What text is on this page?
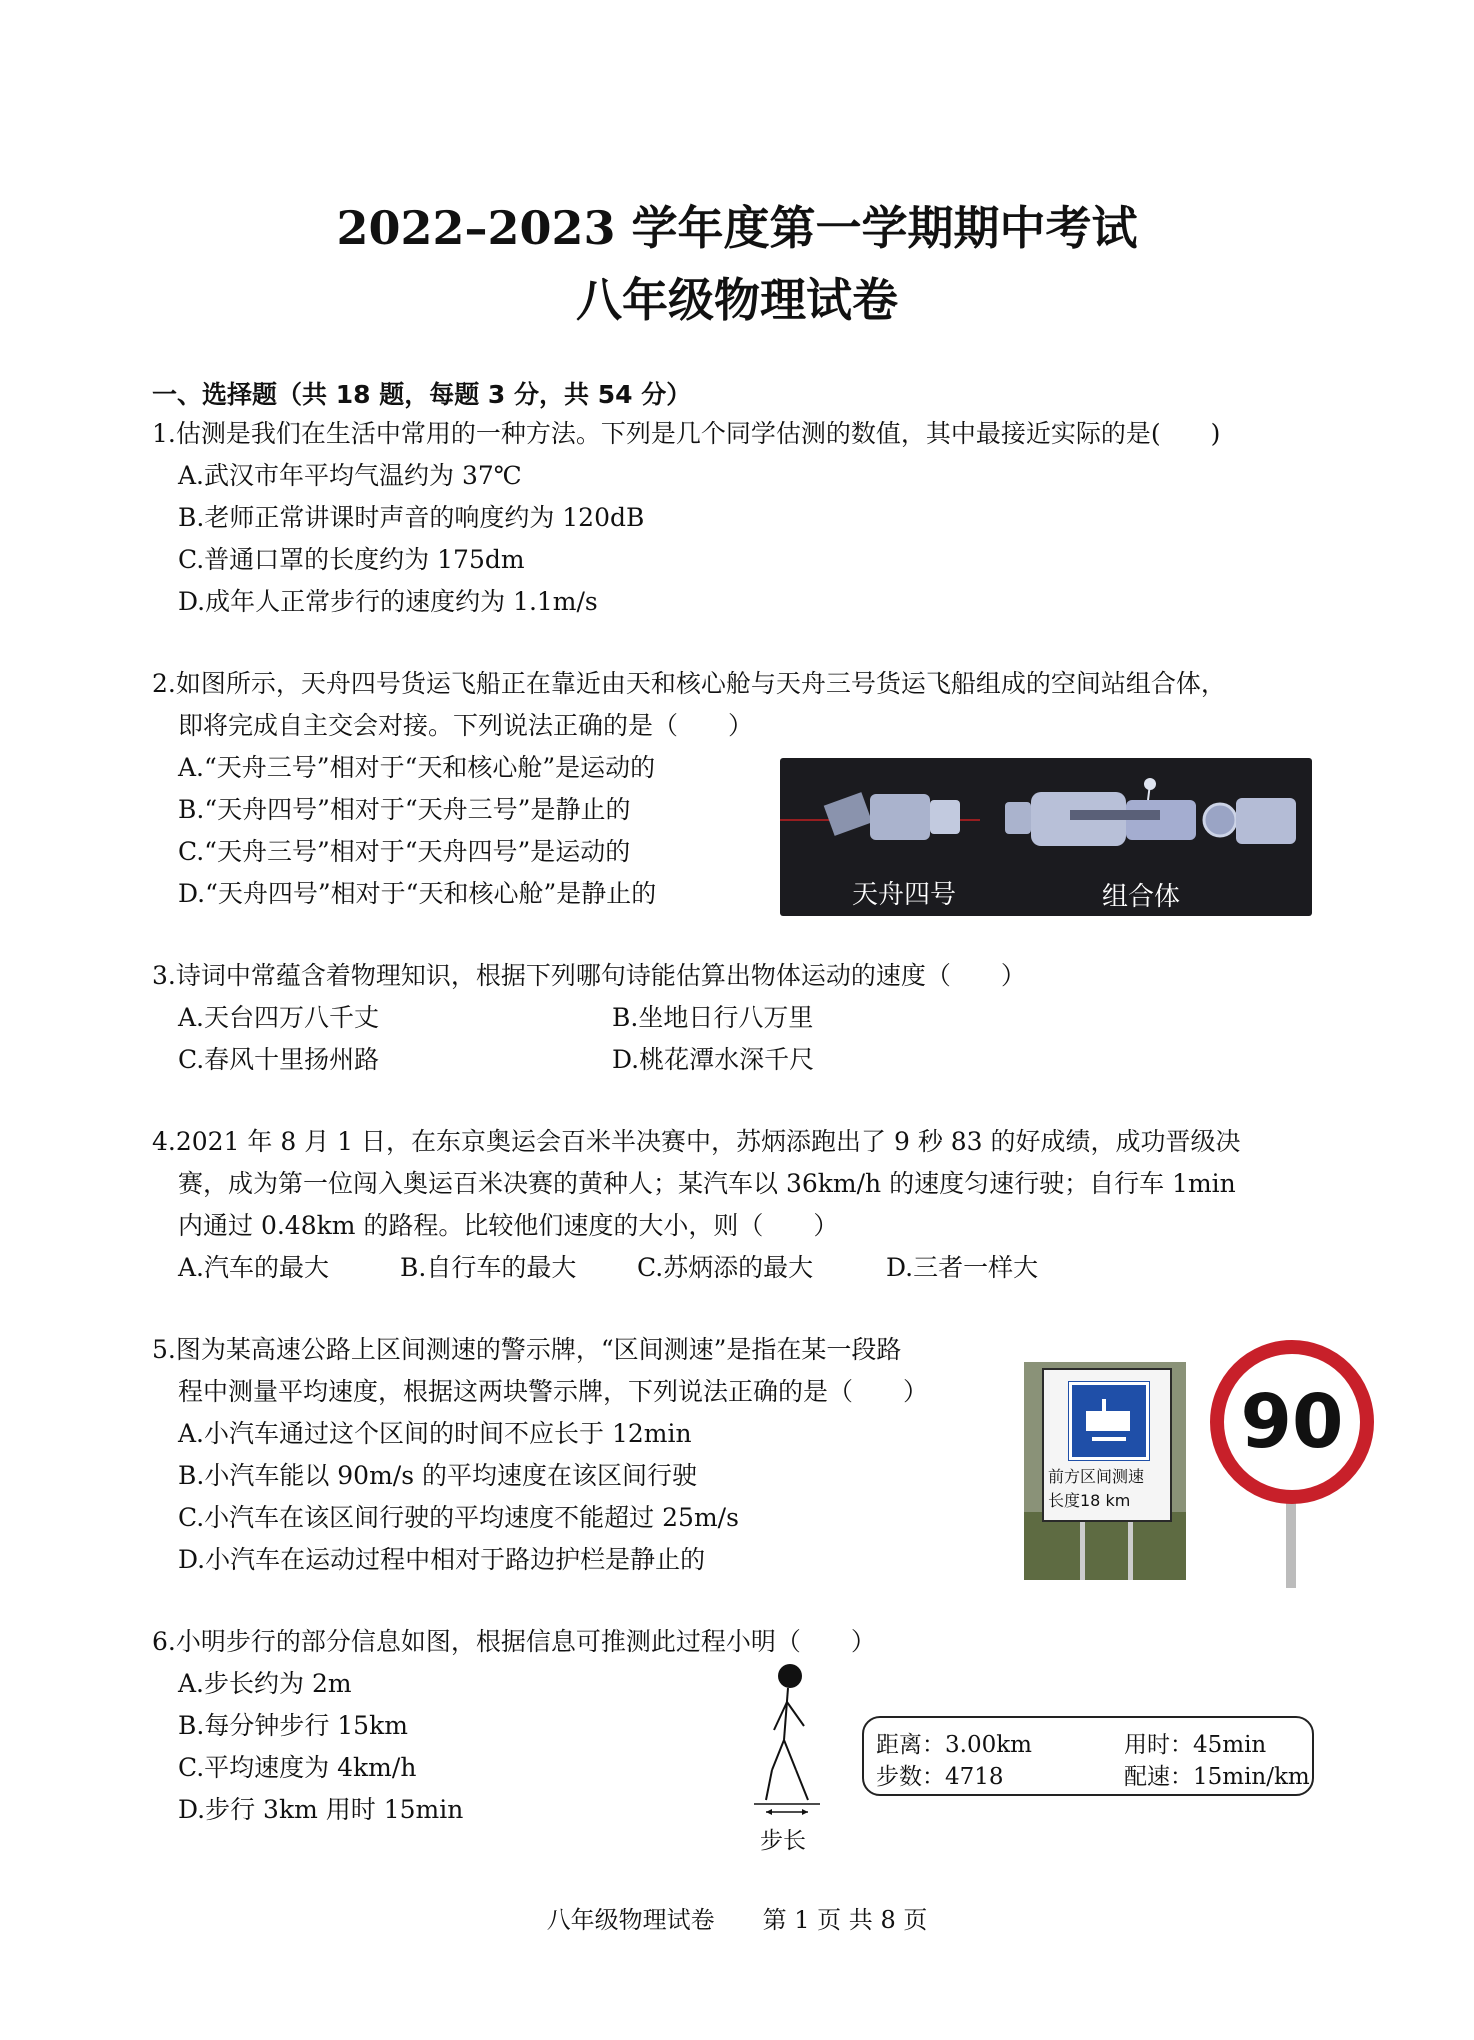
2022–2023 学年度第一学期期中考试
八年级物理试卷
一、选择题（共 18 题，每题 3 分，共 54 分）
1.估测是我们在生活中常用的一种方法。下列是几个同学估测的数值，其中最接近实际的是(　　)
A.武汉市年平均气温约为 37℃
B.老师正常讲课时声音的响度约为 120dB
C.普通口罩的长度约为 175dm
D.成年人正常步行的速度约为 1.1m/s
2.如图所示，天舟四号货运飞船正在靠近由天和核心舱与天舟三号货运飞船组成的空间站组合体，
即将完成自主交会对接。下列说法正确的是（　　）
A.“天舟三号”相对于“天和核心舱”是运动的
B.“天舟四号”相对于“天舟三号”是静止的
C.“天舟三号”相对于“天舟四号”是运动的
D.“天舟四号”相对于“天和核心舱”是静止的	天舟四号	组合体
3.诗词中常蕴含着物理知识，根据下列哪句诗能估算出物体运动的速度（　　）
A.天台四万八千丈	B.坐地日行八万里
C.春风十里扬州路	D.桃花潭水深千尺
4.2021 年 8 月 1 日，在东京奥运会百米半决赛中，苏炳添跑出了 9 秒 83 的好成绩，成功晋级决
赛，成为第一位闯入奥运百米决赛的黄种人；某汽车以 36km/h 的速度匀速行驶；自行车 1min
内通过 0.48km 的路程。比较他们速度的大小，则（　　）
A.汽车的最大	B.自行车的最大 C.苏炳添的最大	D.三者一样大
5.图为某高速公路上区间测速的警示牌，“区间测速”是指在某一段路
程中测量平均速度，根据这两块警示牌，下列说法正确的是（　　）
A.小汽车通过这个区间的时间不应长于 12min
B.小汽车能以 90m/s 的平均速度在该区间行驶
C.小汽车在该区间行驶的平均速度不能超过 25m/s
D.小汽车在运动过程中相对于路边护栏是静止的
前方区间测速
长度18 km
90
6.小明步行的部分信息如图，根据信息可推测此过程小明（　　）
A.步长约为 2m
B.每分钟步行 15km
C.平均速度为 4km/h
D.步行 3km 用时 15min
步长
距离：3.00km	用时：45min
步数：4718	配速：15min/km
八年级物理试卷　　第 1 页 共 8 页
